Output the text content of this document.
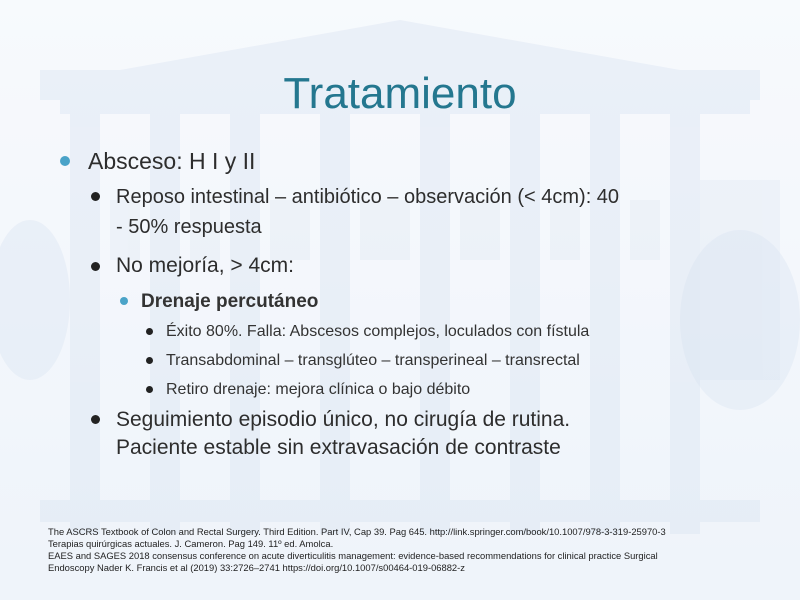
Tratamiento
Absceso: H I y II
Reposo intestinal – antibiótico – observación (< 4cm): 40
- 50% respuesta
No mejoría, > 4cm:
Drenaje percutáneo
Éxito 80%. Falla: Abscesos complejos, loculados con fístula
Transabdominal – transglúteo – transperineal – transrectal
Retiro drenaje: mejora clínica o bajo débito
Seguimiento episodio único, no cirugía de rutina.
Paciente estable sin extravasación de contraste
The ASCRS Textbook of Colon and Rectal Surgery. Third Edition. Part IV, Cap 39. Pag 645. http://link.springer.com/book/10.1007/978-3-319-25970-3
Terapias quirúrgicas actuales. J. Cameron. Pag 149. 11º ed. Amolca.
EAES and SAGES 2018 consensus conference on acute diverticulitis management: evidence-based recommendations for clinical practice Surgical
Endoscopy Nader K. Francis et al (2019) 33:2726–2741 https://doi.org/10.1007/s00464-019-06882-z
